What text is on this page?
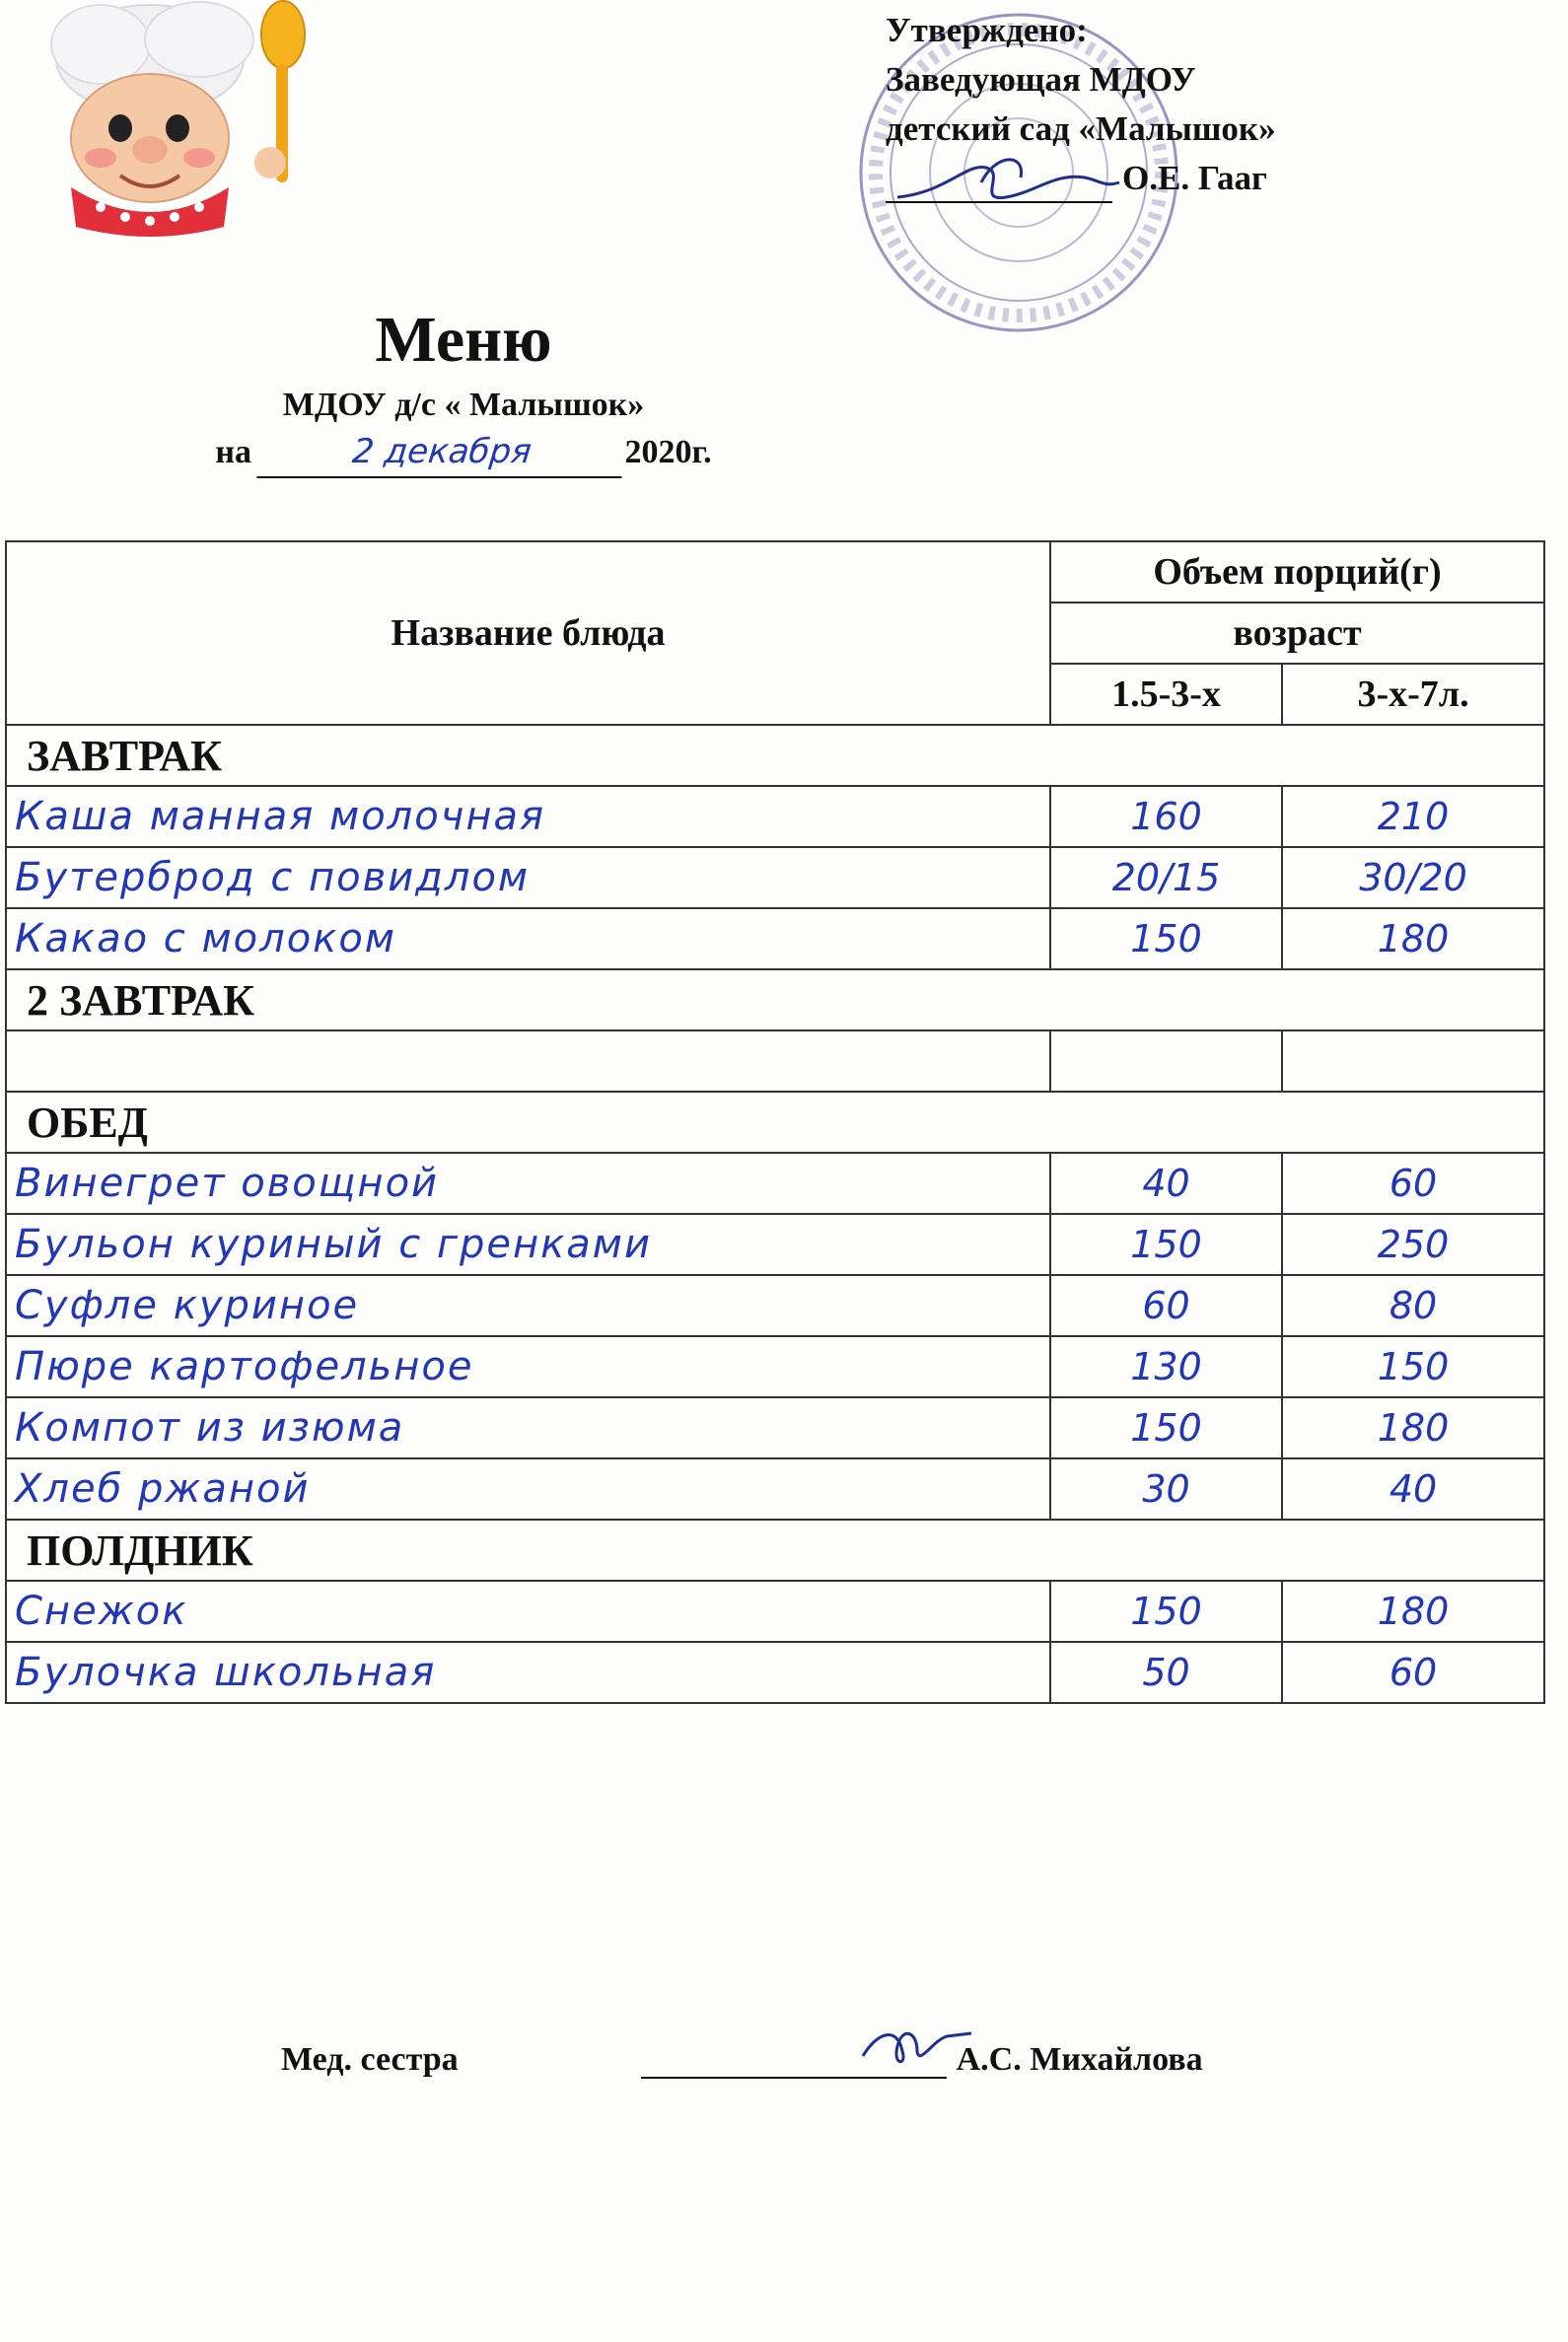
Утверждено:
Заведующая МДОУ
детский сад «Малышок»
О.Е. Гааг
Меню
МДОУ д/с « Малышок»
на	2 декабря	2020г.
Название блюда	Объем порций(г)	
	возраст	
	1.5-3-х	3-х-7л.
ЗАВТРАК		
Каша манная молочная	160	210
Бутерброд с повидлом	20/15	30/20
Какао с молоком	150	180
2 ЗАВТРАК		

ОБЕД		
Винегрет овощной	40	60
Бульон куриный с гренками	150	250
Суфле куриное	60	80
Пюре картофельное	130	150
Компот из изюма	150	180
Хлеб ржаной	30	40
ПОЛДНИК		
Снежок	150	180
Булочка школьная	50	60
Мед. сестра	А.С. Михайлова
